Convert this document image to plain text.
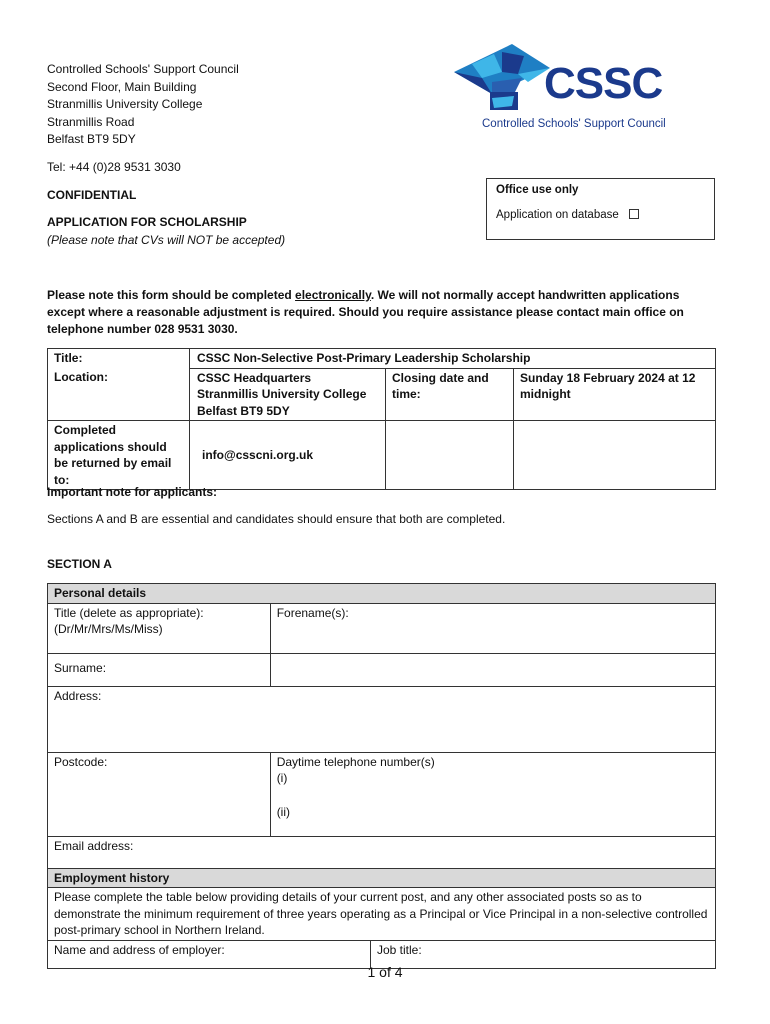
Controlled Schools' Support Council
Second Floor, Main Building
Stranmillis University College
Stranmillis Road
Belfast BT9 5DY
Tel: +44 (0)28 9531 3030
CSSC
Controlled Schools' Support Council
Office use only
Application on database
CONFIDENTIAL
APPLICATION FOR SCHOLARSHIP
(Please note that CVs will NOT be accepted)
Please note this form should be completed electronically. We will not normally accept handwritten applications except where a reasonable adjustment is required. Should you require assistance please contact main office on telephone number 028 9531 3030.
Title:	CSSC Non-Selective Post-Primary Leadership Scholarship		
Location:	CSSC Headquarters
Stranmillis University College
Belfast BT9 5DY	Closing date and time:	Sunday 18 February 2024 at 12 midnight
Completed applications should be returned by email to:	info@csscni.org.uk		
Important note for applicants:
Sections A and B are essential and candidates should ensure that both are completed.
SECTION A
Personal details		

Title (delete as appropriate):
(Dr/Mr/Mrs/Ms/Miss)	Forename(s):	
Surname:		
Address:		
Postcode:	Daytime telephone number(s)
(i)
(ii)	

Email address:		
Employment history		
Please complete the table below providing details of your current post, and any other associated posts so as to demonstrate the minimum requirement of three years operating as a Principal or Vice Principal in a non-selective controlled post-primary school in Northern Ireland.		
Name and address of employer:		Job title:
1 of 4
